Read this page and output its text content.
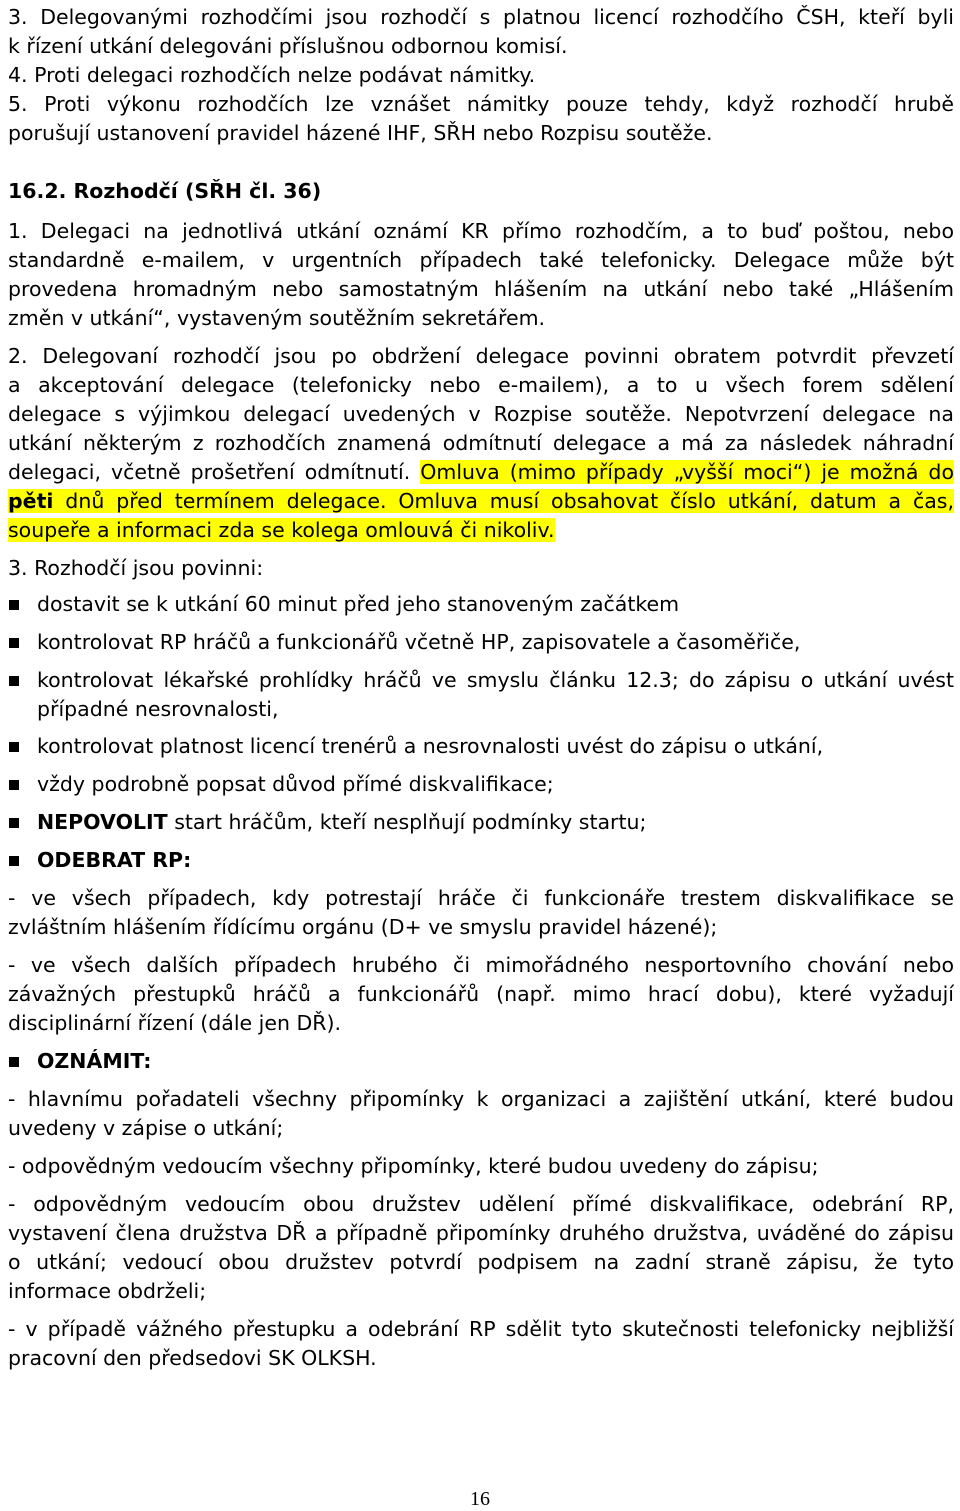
3. Delegovanými rozhodčími jsou rozhodčí s platnou licencí rozhodčího ČSH, kteří byli
k řízení utkání delegováni příslušnou odbornou komisí.
4. Proti delegaci rozhodčích nelze podávat námitky.
5. Proti výkonu rozhodčích lze vznášet námitky pouze tehdy, když rozhodčí hrubě
porušují ustanovení pravidel házené IHF, SŘH nebo Rozpisu soutěže.
16.2. Rozhodčí (SŘH čl. 36)
1. Delegaci na jednotlivá utkání oznámí KR přímo rozhodčím, a to buď poštou, nebo
standardně e-mailem, v urgentních případech také telefonicky. Delegace může být
provedena hromadným nebo samostatným hlášením na utkání nebo také „Hlášením
změn v utkání“, vystaveným soutěžním sekretářem.
2. Delegovaní rozhodčí jsou po obdržení delegace povinni obratem potvrdit převzetí
a akceptování delegace (telefonicky nebo e-mailem), a to u všech forem sdělení
delegace s výjimkou delegací uvedených v Rozpise soutěže. Nepotvrzení delegace na
utkání některým z rozhodčích znamená odmítnutí delegace a má za následek náhradní
delegaci, včetně prošetření odmítnutí. Omluva (mimo případy „vyšší moci“) je možná do
pěti dnů před termínem delegace. Omluva musí obsahovat číslo utkání, datum a čas,
soupeře a informaci zda se kolega omlouvá či nikoliv.
3. Rozhodčí jsou povinni:
dostavit se k utkání 60 minut před jeho stanoveným začátkem
kontrolovat RP hráčů a funkcionářů včetně HP, zapisovatele a časoměřiče,
kontrolovat lékařské prohlídky hráčů ve smyslu článku 12.3; do zápisu o utkání uvést
případné nesrovnalosti,
kontrolovat platnost licencí trenérů a nesrovnalosti uvést do zápisu o utkání,
vždy podrobně popsat důvod přímé diskvalifikace;
NEPOVOLIT start hráčům, kteří nesplňují podmínky startu;
ODEBRAT RP:
- ve všech případech, kdy potrestají hráče či funkcionáře trestem diskvalifikace se
zvláštním hlášením řídícímu orgánu (D+ ve smyslu pravidel házené);
- ve všech dalších případech hrubého či mimořádného nesportovního chování nebo
závažných přestupků hráčů a funkcionářů (např. mimo hrací dobu), které vyžadují
disciplinární řízení (dále jen DŘ).
OZNÁMIT:
- hlavnímu pořadateli všechny připomínky k organizaci a zajištění utkání, které budou
uvedeny v zápise o utkání;
- odpovědným vedoucím všechny připomínky, které budou uvedeny do zápisu;
- odpovědným vedoucím obou družstev udělení přímé diskvalifikace, odebrání RP,
vystavení člena družstva DŘ a případně připomínky druhého družstva, uváděné do zápisu
o utkání; vedoucí obou družstev potvrdí podpisem na zadní straně zápisu, že tyto
informace obdrželi;
- v případě vážného přestupku a odebrání RP sdělit tyto skutečnosti telefonicky nejbližší
pracovní den předsedovi SK OLKSH.
16
